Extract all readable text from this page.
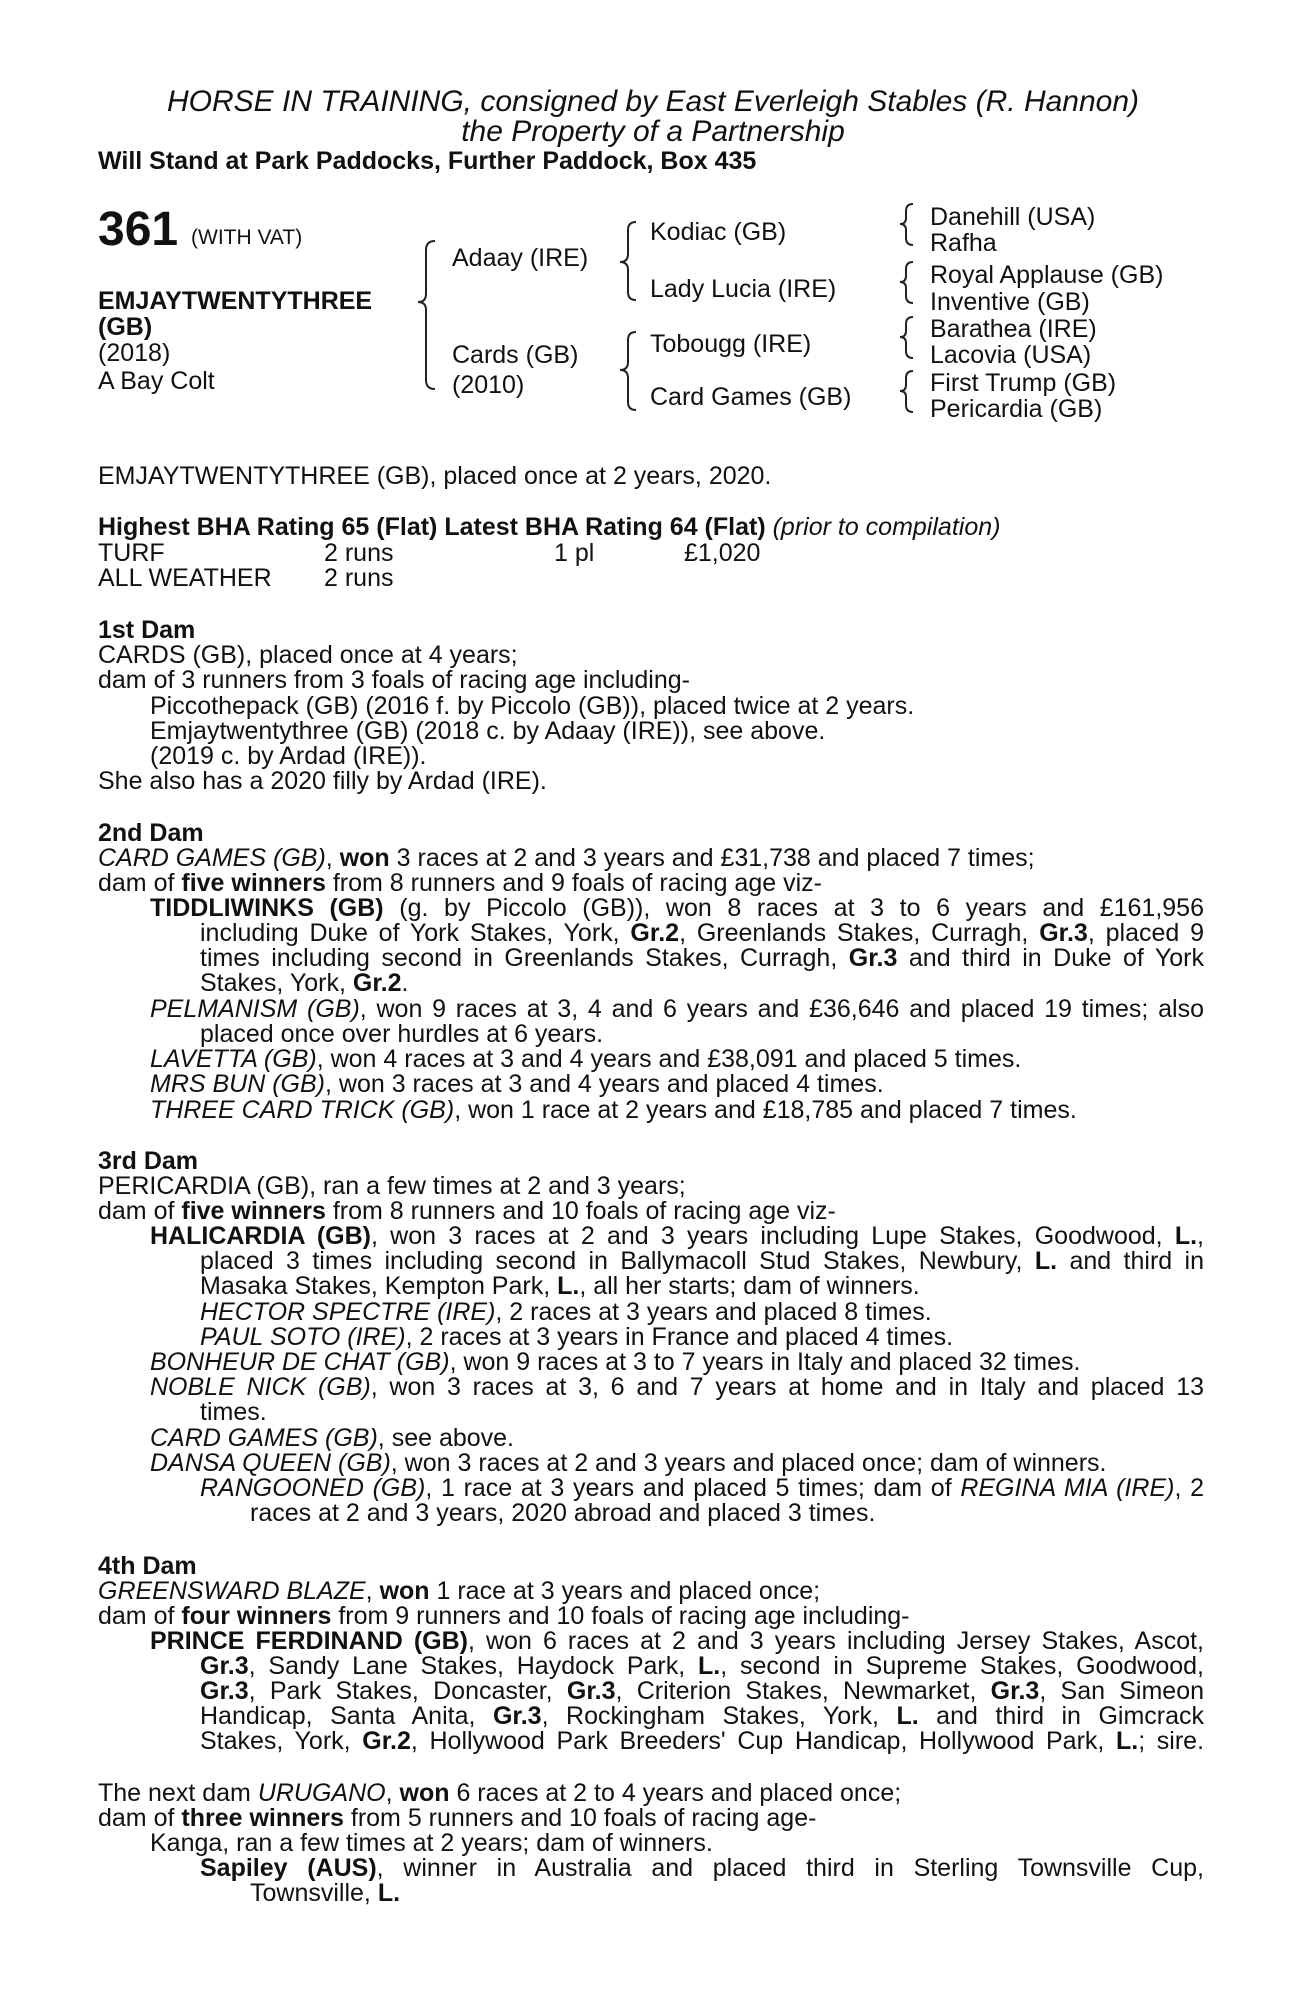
HORSE IN TRAINING, consigned by East Everleigh Stables (R. Hannon)
the Property of a Partnership
Will Stand at Park Paddocks, Further Paddock, Box 435
361 (WITH VAT)
EMJAYTWENTYTHREE
(GB)
(2018)
A Bay Colt
Adaay (IRE)
Cards (GB)
(2010)
Kodiac (GB)
Lady Lucia (IRE)
Tobougg (IRE)
Card Games (GB)
Danehill (USA)
Rafha
Royal Applause (GB)
Inventive (GB)
Barathea (IRE)
Lacovia (USA)
First Trump (GB)
Pericardia (GB)
EMJAYTWENTYTHREE (GB), placed once at 2 years, 2020.
Highest BHA Rating 65 (Flat) Latest BHA Rating 64 (Flat) (prior to compilation)
TURF	2 runs	1 pl	£1,020
ALL WEATHER 2 runs
1st Dam
CARDS (GB), placed once at 4 years;
dam of 3 runners from 3 foals of racing age including-
Piccothepack (GB) (2016 f. by Piccolo (GB)), placed twice at 2 years.
Emjaytwentythree (GB) (2018 c. by Adaay (IRE)), see above.
(2019 c. by Ardad (IRE)).
She also has a 2020 filly by Ardad (IRE).
2nd Dam
CARD GAMES (GB), won 3 races at 2 and 3 years and £31,738 and placed 7 times;
dam of five winners from 8 runners and 9 foals of racing age viz-
TIDDLIWINKS (GB) (g. by Piccolo (GB)), won 8 races at 3 to 6 years and £161,956
including Duke of York Stakes, York, Gr.2, Greenlands Stakes, Curragh, Gr.3, placed 9
times including second in Greenlands Stakes, Curragh, Gr.3 and third in Duke of York
Stakes, York, Gr.2.
PELMANISM (GB), won 9 races at 3, 4 and 6 years and £36,646 and placed 19 times; also
placed once over hurdles at 6 years.
LAVETTA (GB), won 4 races at 3 and 4 years and £38,091 and placed 5 times.
MRS BUN (GB), won 3 races at 3 and 4 years and placed 4 times.
THREE CARD TRICK (GB), won 1 race at 2 years and £18,785 and placed 7 times.
3rd Dam
PERICARDIA (GB), ran a few times at 2 and 3 years;
dam of five winners from 8 runners and 10 foals of racing age viz-
HALICARDIA (GB), won 3 races at 2 and 3 years including Lupe Stakes, Goodwood, L.,
placed 3 times including second in Ballymacoll Stud Stakes, Newbury, L. and third in
Masaka Stakes, Kempton Park, L., all her starts; dam of winners.
HECTOR SPECTRE (IRE), 2 races at 3 years and placed 8 times.
PAUL SOTO (IRE), 2 races at 3 years in France and placed 4 times.
BONHEUR DE CHAT (GB), won 9 races at 3 to 7 years in Italy and placed 32 times.
NOBLE NICK (GB), won 3 races at 3, 6 and 7 years at home and in Italy and placed 13
times.
CARD GAMES (GB), see above.
DANSA QUEEN (GB), won 3 races at 2 and 3 years and placed once; dam of winners.
RANGOONED (GB), 1 race at 3 years and placed 5 times; dam of REGINA MIA (IRE), 2
races at 2 and 3 years, 2020 abroad and placed 3 times.
4th Dam
GREENSWARD BLAZE, won 1 race at 3 years and placed once;
dam of four winners from 9 runners and 10 foals of racing age including-
PRINCE FERDINAND (GB), won 6 races at 2 and 3 years including Jersey Stakes, Ascot,
Gr.3, Sandy Lane Stakes, Haydock Park, L., second in Supreme Stakes, Goodwood,
Gr.3, Park Stakes, Doncaster, Gr.3, Criterion Stakes, Newmarket, Gr.3, San Simeon
Handicap, Santa Anita, Gr.3, Rockingham Stakes, York, L. and third in Gimcrack
Stakes, York, Gr.2, Hollywood Park Breeders' Cup Handicap, Hollywood Park, L.; sire.
The next dam URUGANO, won 6 races at 2 to 4 years and placed once;
dam of three winners from 5 runners and 10 foals of racing age-
Kanga, ran a few times at 2 years; dam of winners.
Sapiley (AUS), winner in Australia and placed third in Sterling Townsville Cup,
Townsville, L.
